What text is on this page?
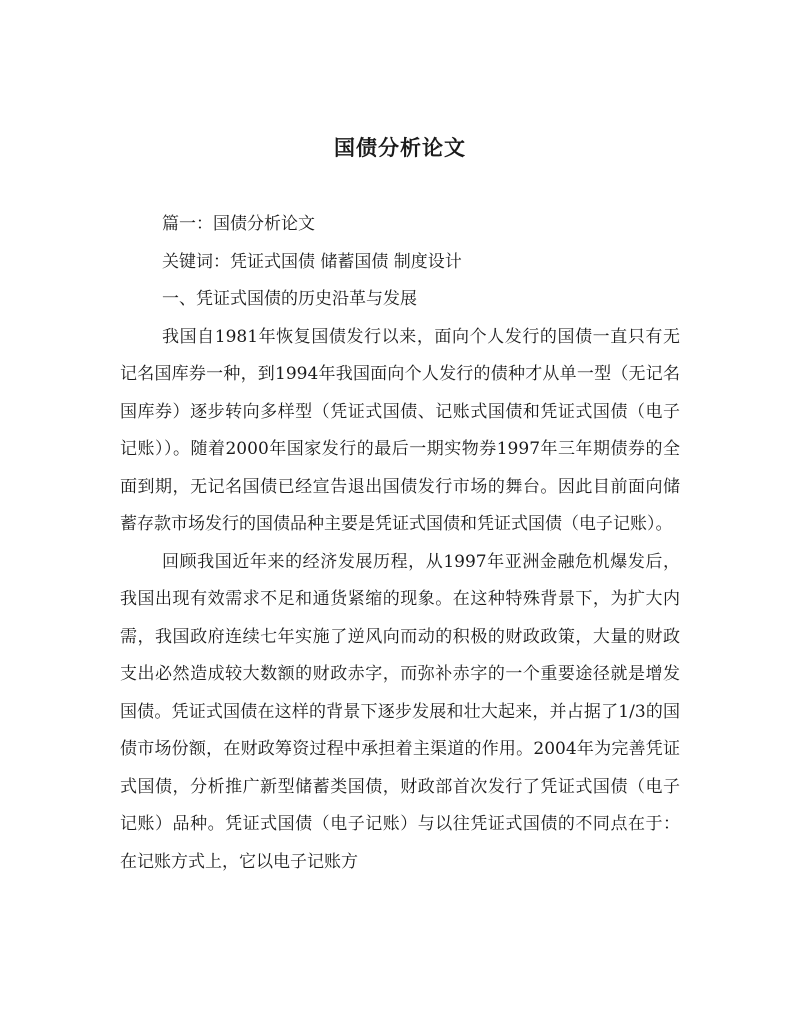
国债分析论文

篇一：国债分析论文

关键词：凭证式国债 储蓄国债 制度设计

一、凭证式国债的历史沿革与发展

我国自1981年恢复国债发行以来，面向个人发行的国债一直只有无记名国库券一种，到1994年我国面向个人发行的债种才从单一型（无记名国库券）逐步转向多样型（凭证式国债、记账式国债和凭证式国债（电子记账））。随着2000年国家发行的最后一期实物券1997年三年期债券的全面到期，无记名国债已经宣告退出国债发行市场的舞台。因此目前面向储蓄存款市场发行的国债品种主要是凭证式国债和凭证式国债（电子记账）。

回顾我国近年来的经济发展历程，从1997年亚洲金融危机爆发后，我国出现有效需求不足和通货紧缩的现象。在这种特殊背景下，为扩大内需，我国政府连续七年实施了逆风向而动的积极的财政政策，大量的财政支出必然造成较大数额的财政赤字，而弥补赤字的一个重要途径就是增发国债。凭证式国债在这样的背景下逐步发展和壮大起来，并占据了1/3的国债市场份额，在财政筹资过程中承担着主渠道的作用。2004年为完善凭证式国债，分析推广新型储蓄类国债，财政部首次发行了凭证式国债（电子记账）品种。凭证式国债（电子记账）与以往凭证式国债的不同点在于：在记账方式上，它以电子记账方
